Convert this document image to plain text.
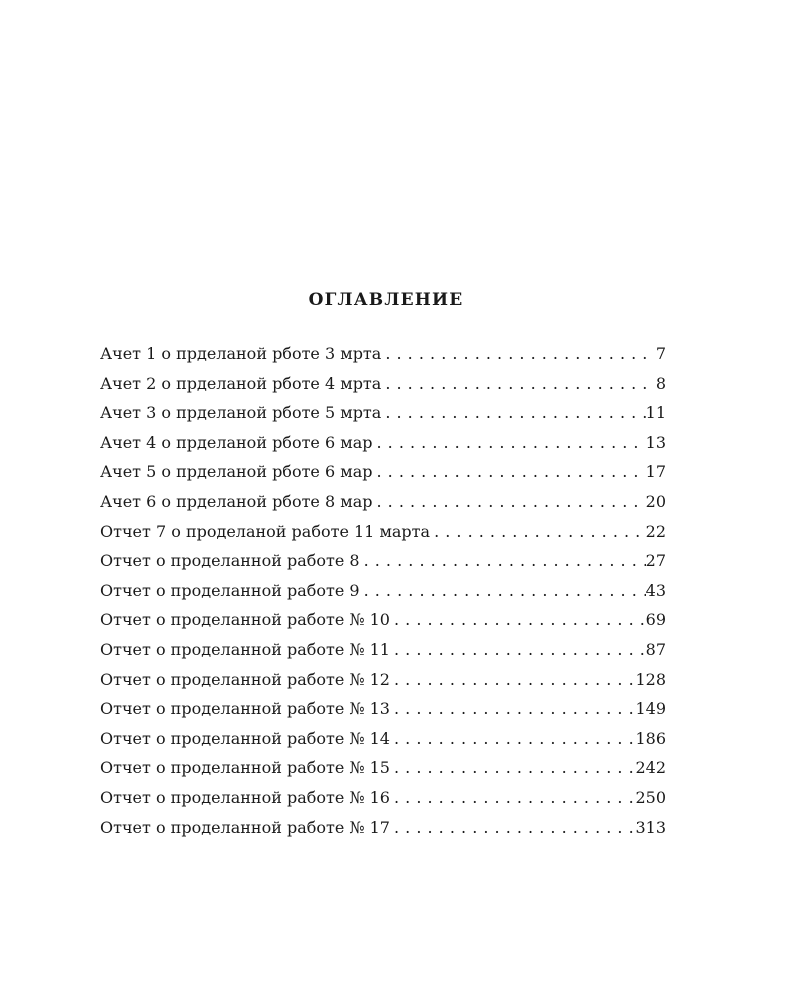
ОГЛАВЛЕНИЕ
Ачет 1 о прделаной рботе 3 мрта . . .	7
Ачет 2 о прделаной рботе 4 мрта . . .	8
Ачет 3 о прделаной рботе 5 мрта . . .	11
Ачет 4 о прделаной рботе 6 мар . . .	13
Ачет 5 о прделаной рботе 6 мар . . .	17
Ачет 6 о прделаной рботе 8 мар . . .	20
Отчет 7 о проделаной работе 11 марта . . .	22
Отчет о проделанной работе 8 . . .	27
Отчет о проделанной работе 9 . . .	43
Отчет о проделанной работе № 10 . . .	69
Отчет о проделанной работе № 11 . . .	87
Отчет о проделанной работе № 12 . . .	128
Отчет о проделанной работе № 13 . . .	149
Отчет о проделанной работе № 14 . . .	186
Отчет о проделанной работе № 15 . . .	242
Отчет о проделанной работе № 16 . . .	250
Отчет о проделанной работе № 17 . . .	313
